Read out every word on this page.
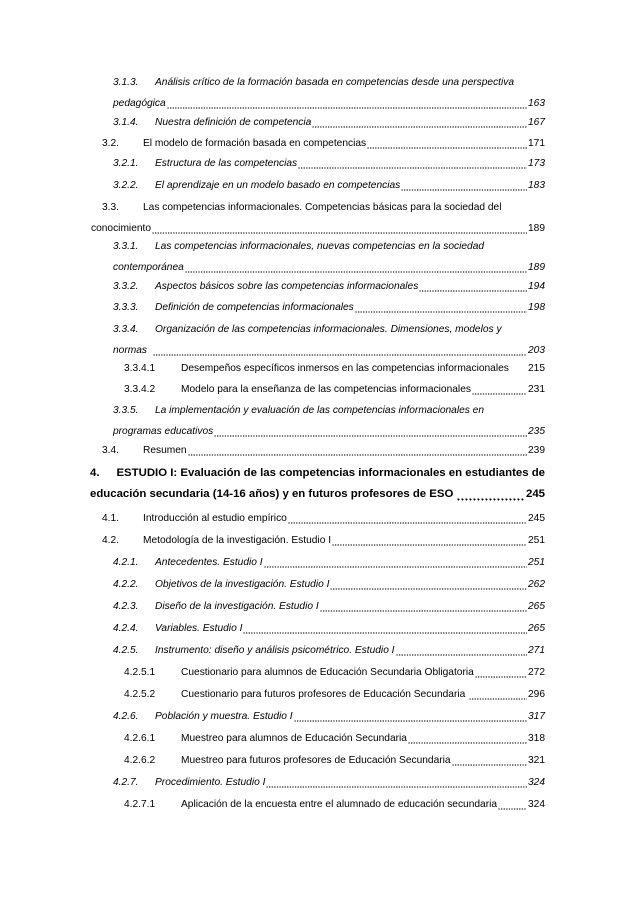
3.1.3.	Análisis crítico de la formación basada en competencias desde una perspectiva
pedagógica	163
3.1.4.	Nuestra definición de competencia	167
3.2.	El modelo de formación basada en competencias	171
3.2.1.	Estructura de las competencias	173
3.2.2.	El aprendizaje en un modelo basado en competencias	183
3.3.	Las competencias informacionales. Competencias básicas para la sociedad del
conocimiento	189
3.3.1.	Las competencias informacionales, nuevas competencias en la sociedad
contemporánea	189
3.3.2.	Aspectos básicos sobre las competencias informacionales	194
3.3.3.	Definición de competencias informacionales	198
3.3.4.	Organización de las competencias informacionales. Dimensiones, modelos y
normas	203
3.3.4.1	Desempeños específicos inmersos en las competencias informacionales 215
3.3.4.2	Modelo para la enseñanza de las competencias informacionales	231
3.3.5.	La implementación y evaluación de las competencias informacionales en
programas educativos	235
3.4.	Resumen	239
4.	ESTUDIO I: Evaluación de las competencias informacionales en estudiantes de
educación secundaria (14-16 años) y en futuros profesores de ESO	245
4.1.	Introducción al estudio empírico	245
4.2.	Metodología de la investigación. Estudio I	251
4.2.1.	Antecedentes. Estudio I	251
4.2.2.	Objetivos de la investigación. Estudio I	262
4.2.3.	Diseño de la investigación. Estudio I	265
4.2.4.	Variables. Estudio I	265
4.2.5.	Instrumento: diseño y análisis psicométrico. Estudio I	271
4.2.5.1	Cuestionario para alumnos de Educación Secundaria Obligatoria	272
4.2.5.2	Cuestionario para futuros profesores de Educación Secundaria	296
4.2.6.	Población y muestra. Estudio I	317
4.2.6.1	Muestreo para alumnos de Educación Secundaria	318
4.2.6.2	Muestreo para futuros profesores de Educación Secundaria	321
4.2.7.	Procedimiento. Estudio I	324
4.2.7.1	Aplicación de la encuesta entre el alumnado de educación secundaria	324
